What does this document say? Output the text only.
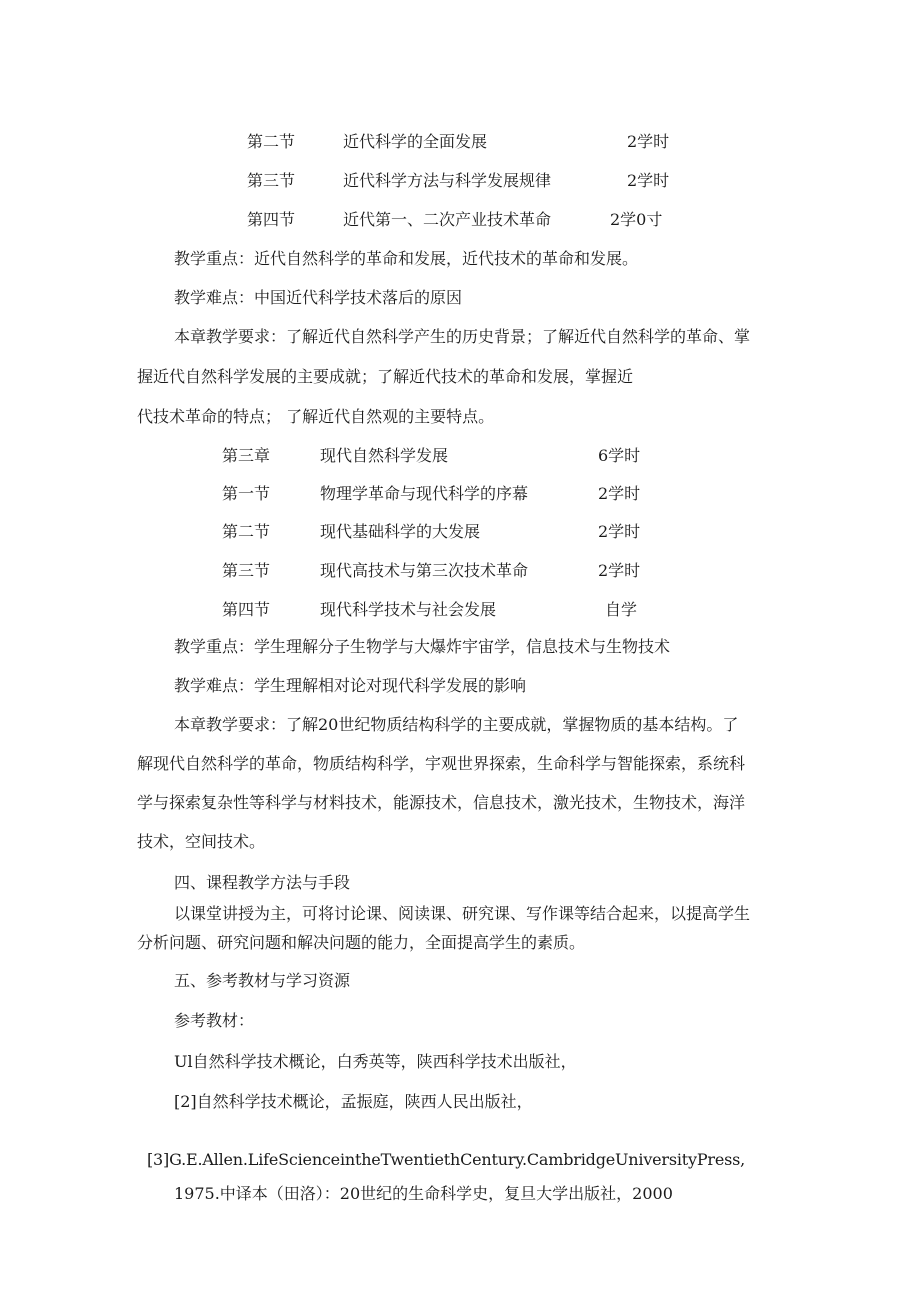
第二节	近代科学的全面发展	2学时
第三节	近代科学方法与科学发展规律	2学时
第四节	近代第一、二次产业技术革命	2学0寸
教学重点：近代自然科学的革命和发展，近代技术的革命和发展。
教学难点：中国近代科学技术落后的原因
本章教学要求：了解近代自然科学产生的历史背景；了解近代自然科学的革命、掌
握近代自然科学发展的主要成就；了解近代技术的革命和发展，掌握近
代技术革命的特点； 了解近代自然观的主要特点。
第三章	现代自然科学发展	6学时
第一节	物理学革命与现代科学的序幕	2学时
第二节	现代基础科学的大发展	2学时
第三节	现代高技术与第三次技术革命	2学时
第四节	现代科学技术与社会发展	自学
教学重点：学生理解分子生物学与大爆炸宇宙学，信息技术与生物技术
教学难点：学生理解相对论对现代科学发展的影响
本章教学要求：了解20世纪物质结构科学的主要成就，掌握物质的基本结构。了
解现代自然科学的革命，物质结构科学，宇观世界探索，生命科学与智能探索，系统科
学与探索复杂性等科学与材料技术，能源技术，信息技术，激光技术，生物技术，海洋
技术，空间技术。
四、课程教学方法与手段
以课堂讲授为主，可将讨论课、阅读课、研究课、写作课等结合起来，以提高学生
分析问题、研究问题和解决问题的能力，全面提高学生的素质。
五、参考教材与学习资源
参考教材：
Ul自然科学技术概论，白秀英等，陕西科学技术出版社，
[2]自然科学技术概论，孟振庭，陕西人民出版社，
[3]G.E.Allen.LifeScienceintheTwentiethCentury.CambridgeUniversityPress,
1975.中译本（田洛）：20世纪的生命科学史，复旦大学出版社，2000
